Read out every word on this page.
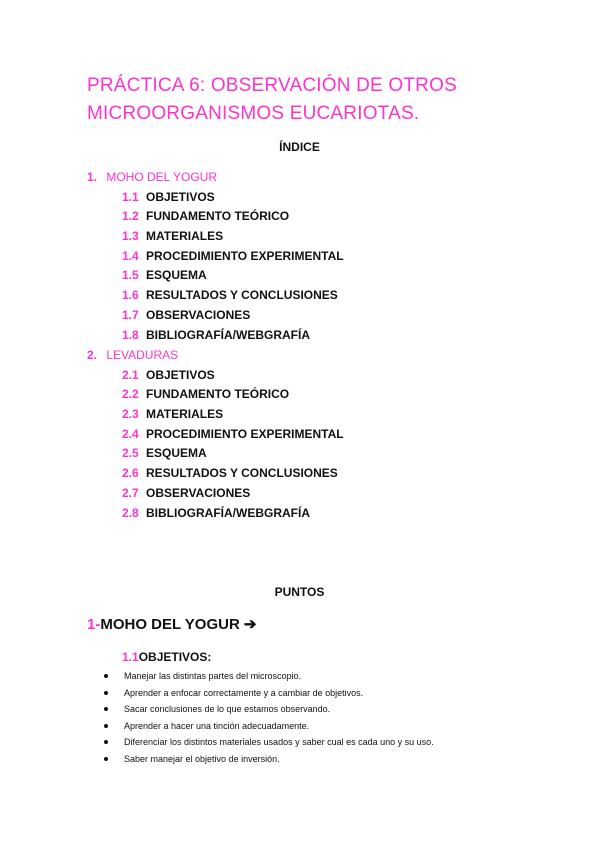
PRÁCTICA 6: OBSERVACIÓN DE OTROS MICROORGANISMOS EUCARIOTAS.
ÍNDICE
1. MOHO DEL YOGUR
1.1 OBJETIVOS
1.2 FUNDAMENTO TEÓRICO
1.3 MATERIALES
1.4 PROCEDIMIENTO EXPERIMENTAL
1.5 ESQUEMA
1.6 RESULTADOS Y CONCLUSIONES
1.7 OBSERVACIONES
1.8 BIBLIOGRAFÍA/WEBGRAFÍA
2. LEVADURAS
2.1 OBJETIVOS
2.2 FUNDAMENTO TEÓRICO
2.3 MATERIALES
2.4 PROCEDIMIENTO EXPERIMENTAL
2.5 ESQUEMA
2.6 RESULTADOS Y CONCLUSIONES
2.7 OBSERVACIONES
2.8 BIBLIOGRAFÍA/WEBGRAFÍA
PUNTOS
1-MOHO DEL YOGUR ➔
1.1OBJETIVOS:
Manejar las distintas partes del microscopio.
Aprender a enfocar correctamente y a cambiar de objetivos.
Sacar conclusiones de lo que estamos observando.
Aprender a hacer una tinción adecuadamente.
Diferenciar los distintos materiales usados y saber cual es cada uno y su uso.
Saber manejar el objetivo de inversión.
